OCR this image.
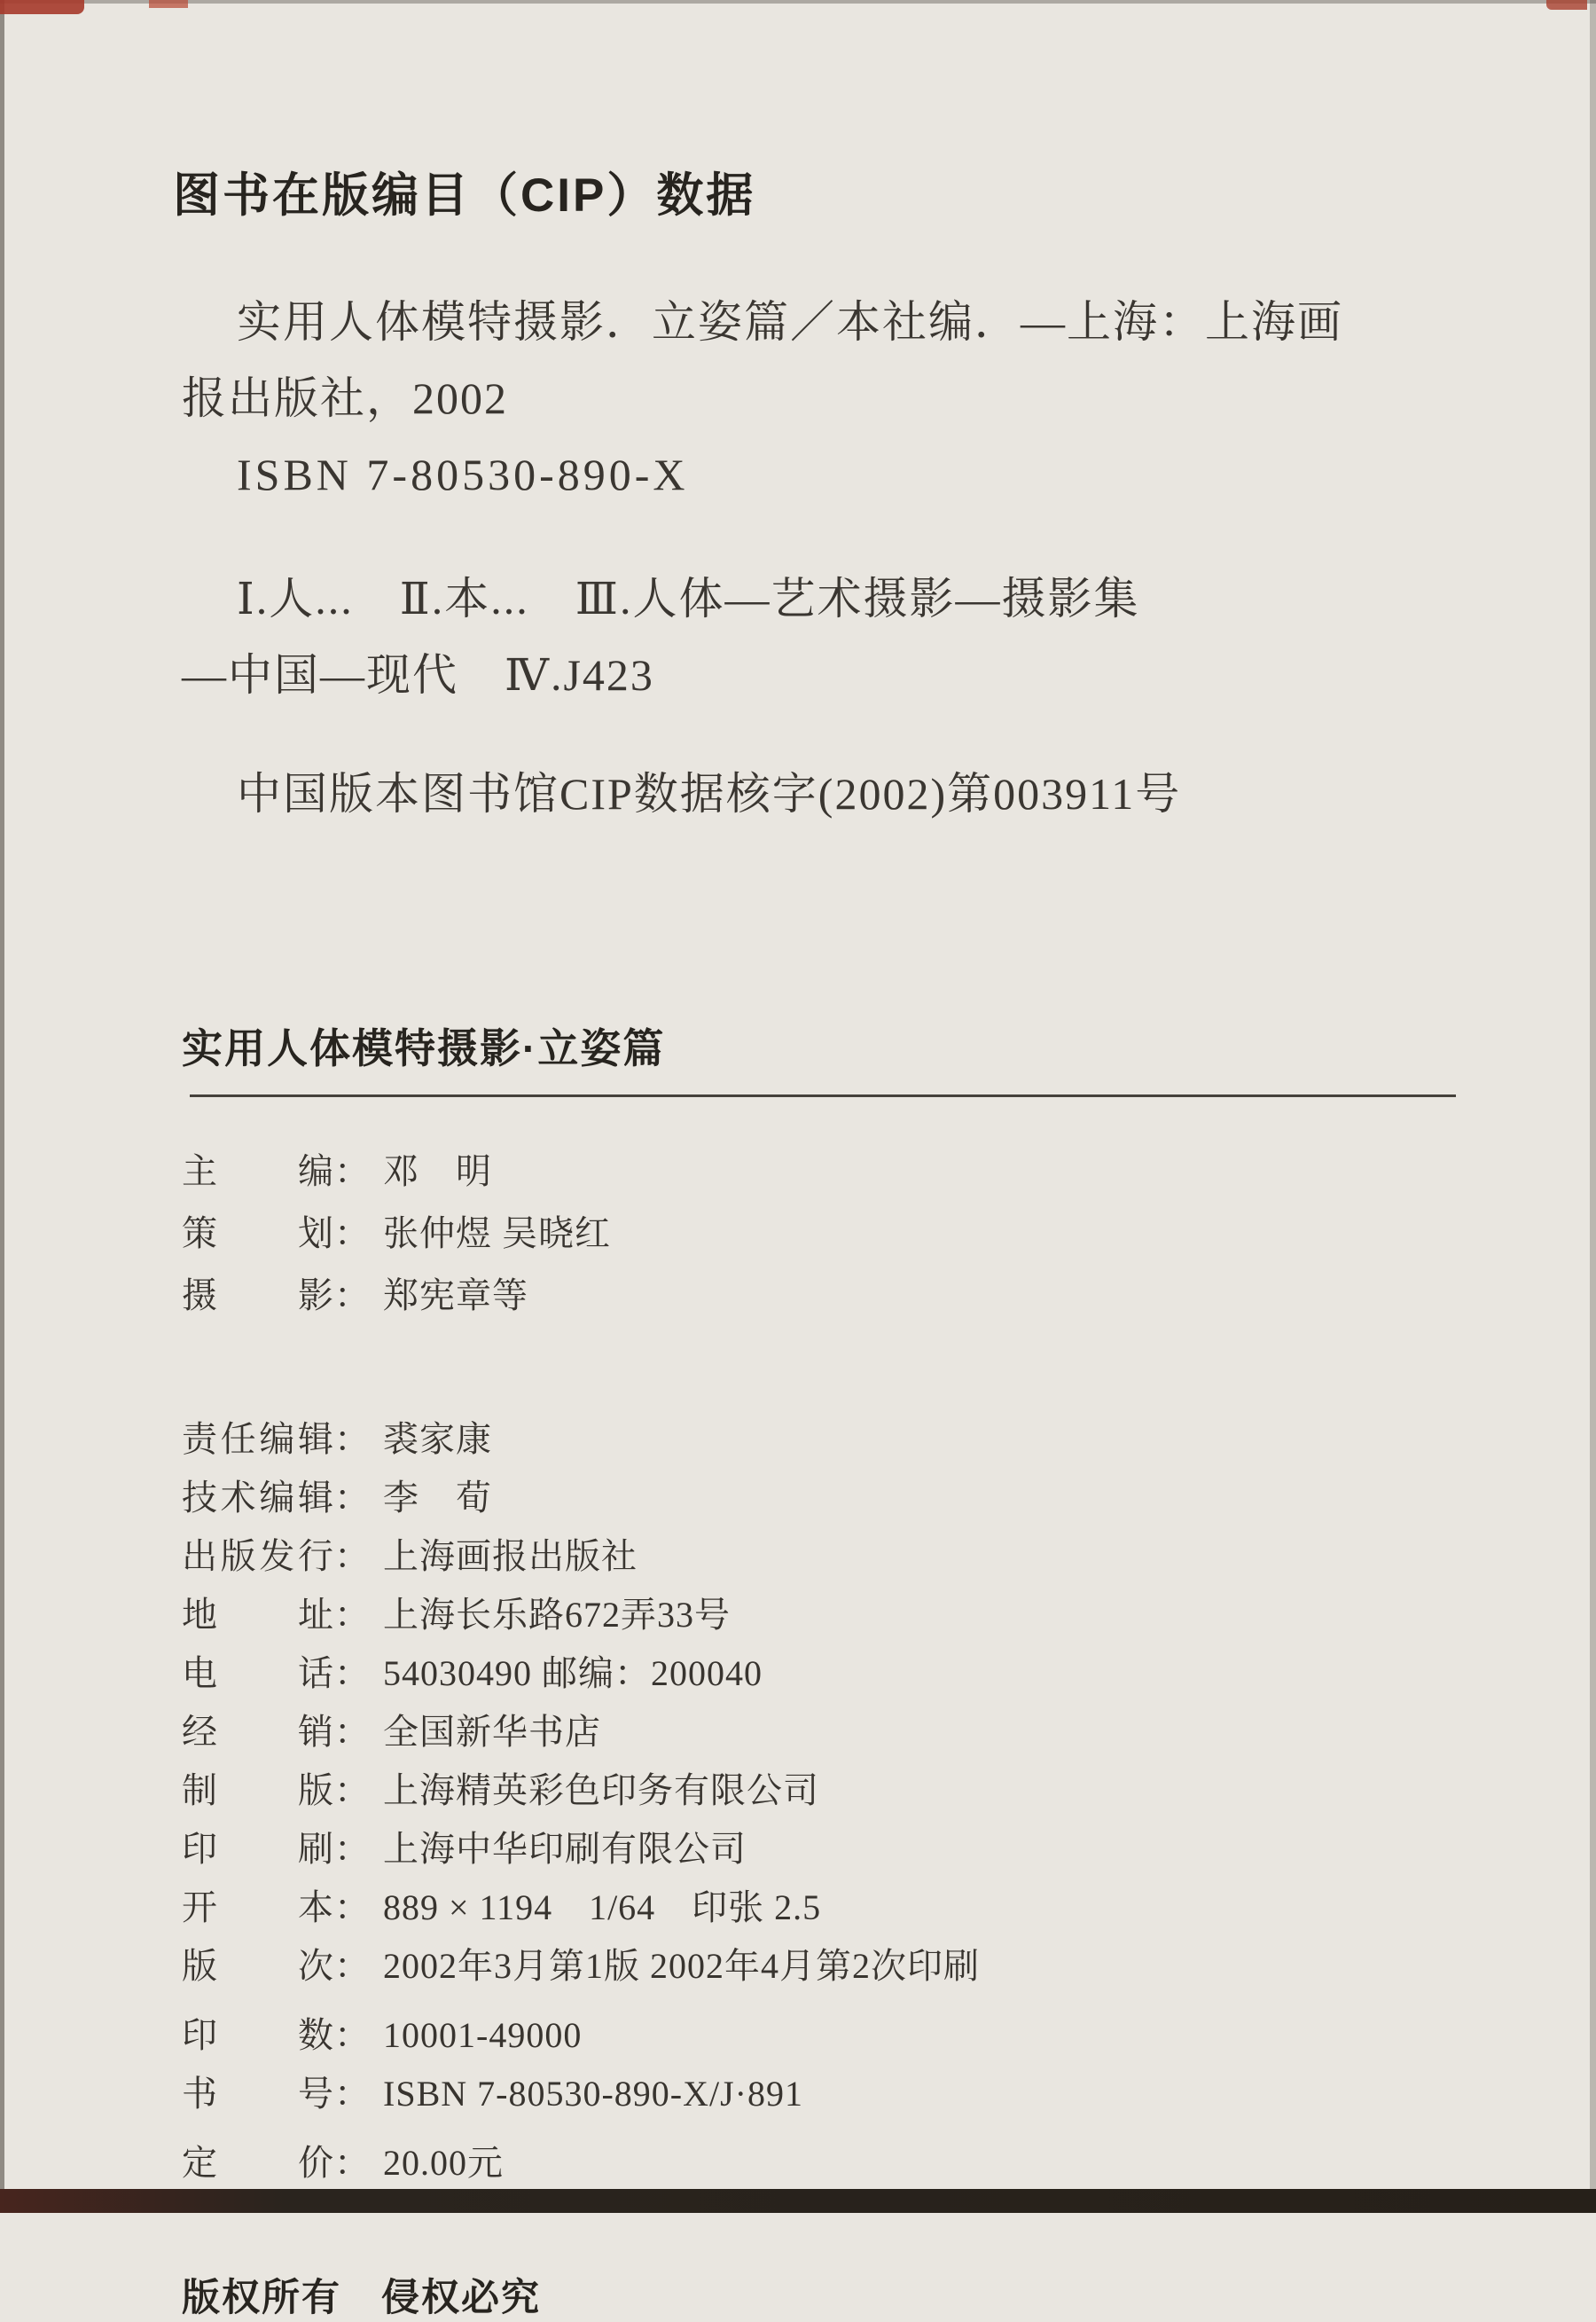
图书在版编目（CIP）数据
实用人体模特摄影．立姿篇／本社编．—上海：上海画
报出版社，2002
ISBN 7-80530-890-X
Ⅰ.人...　Ⅱ.本...　Ⅲ.人体—艺术摄影—摄影集
—中国—现代　Ⅳ.J423
中国版本图书馆CIP数据核字(2002)第003911号
实用人体模特摄影·立姿篇
主编 ： 邓　明
策划 ： 张仲煜 吴晓红
摄影 ： 郑宪章等
责任编辑 ： 裘家康
技术编辑 ： 李　荀
出版发行 ： 上海画报出版社
地址 ： 上海长乐路672弄33号
电话 ： 54030490 邮编：200040
经销 ： 全国新华书店
制版 ： 上海精英彩色印务有限公司
印刷 ： 上海中华印刷有限公司
开本 ： 889 × 1194　1/64　印张 2.5
版次 ： 2002年3月第1版 2002年4月第2次印刷
印数 ： 10001-49000
书号 ： ISBN 7-80530-890-X/J·891
定价 ： 20.00元
版权所有　侵权必究
